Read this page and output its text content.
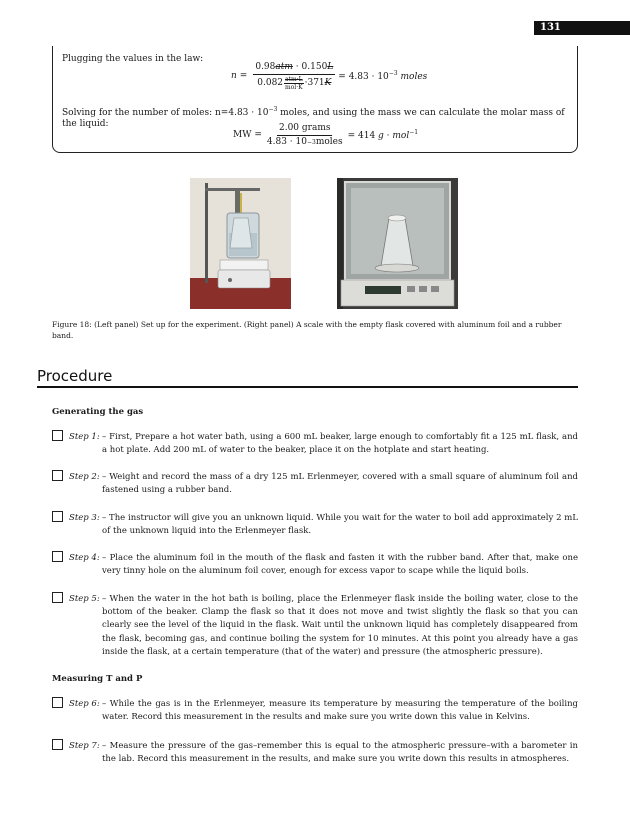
131
Plugging the values in the law:
n =
0.98atm · 0.150L
$0.082 \frac{\text{atm·L}}{\text{mol·K}} \cdot 371$ K
= $4.83 \cdot 10^{-3}$ moles
Solving for the number of moles: $n=4.83 \cdot 10^{-3}$ moles, and using the mass we can calculate the molar mass of the liquid:
MW = $\frac{\text{2.00 grams}}{\text{4.83 · 10 −3 moles}} = 414$ g · mol$^{-1}$
Figure 18: (Left panel) Set up for the experiment. (Right panel) A scale with the empty flask covered with aluminum foil and a rubber band.
Procedure
Generating the gas
Step 1: – First, Prepare a hot water bath, using a 600 mL beaker, large enough to comfortably fit a 125 mL flask, and a hot plate. Add 200 mL of water to the beaker, place it on the hotplate and start heating.
Step 2: – Weight and record the mass of a dry 125 mL Erlenmeyer, covered with a small square of aluminum foil and fastened using a rubber band.
Step 3: – The instructor will give you an unknown liquid. While you wait for the water to boil add approximately 2 mL of the unknown liquid into the Erlenmeyer flask.
Step 4: – Place the aluminum foil in the mouth of the flask and fasten it with the rubber band. After that, make one very tinny hole on the aluminum foil cover, enough for excess vapor to scape while the liquid boils.
Step 5: – When the water in the hot bath is boiling, place the Erlenmeyer flask inside the boiling water, close to the bottom of the beaker. Clamp the flask so that it does not move and twist slightly the flask so that you can clearly see the level of the liquid in the flask. Wait until the unknown liquid has completely disappeared from the flask, becoming gas, and continue boiling the system for 10 minutes. At this point you already have a gas inside the flask, at a certain temperature (that of the water) and pressure (the atmospheric pressure).
Measuring T and P
Step 6: – While the gas is in the Erlenmeyer, measure its temperature by measuring the temperature of the boiling water. Record this measurement in the results and make sure you write down this value in Kelvins.
Step 7: – Measure the pressure of the gas–remember this is equal to the atmospheric pressure–with a barometer in the lab. Record this measurement in the results, and make sure you write down this results in atmospheres.
